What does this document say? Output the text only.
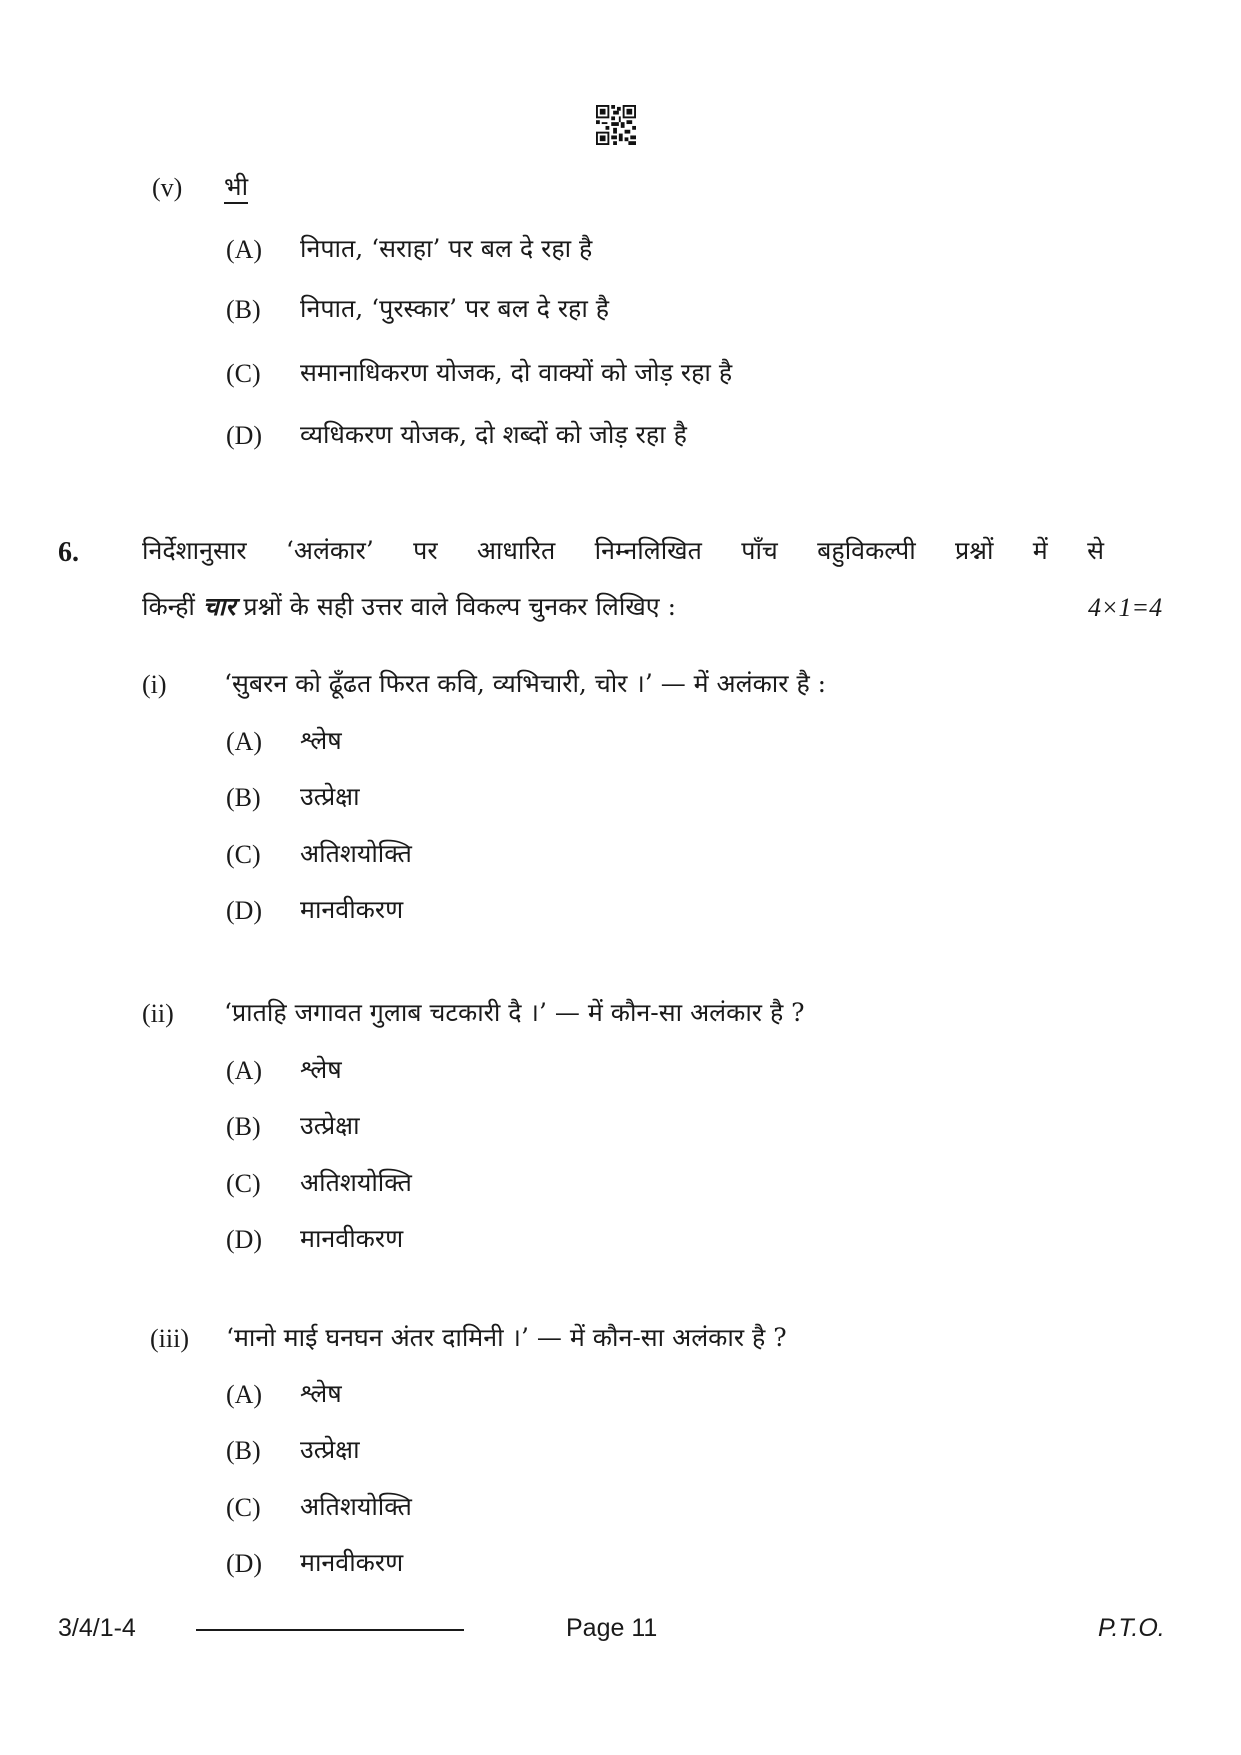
(v) भी
(A) निपात, ‘सराहा’ पर बल दे रहा है
(B) निपात, ‘पुरस्कार’ पर बल दे रहा है
(C) समानाधिकरण योजक, दो वाक्यों को जोड़ रहा है
(D) व्यधिकरण योजक, दो शब्दों को जोड़ रहा है
6.	निर्देशानुसार ‘अलंकार’ पर आधारित निम्नलिखित पाँच बहुविकल्पी प्रश्नों में से
किन्हीं चार प्रश्नों के सही उत्तर वाले विकल्प चुनकर लिखिए :	4×1=4
(i) ‘सुबरन को ढूँढत फिरत कवि, व्यभिचारी, चोर ।’ — में अलंकार है :
(A) श्लेष
(B) उत्प्रेक्षा
(C) अतिशयोक्ति
(D) मानवीकरण
(ii) ‘प्रातहि जगावत गुलाब चटकारी दै ।’ — में कौन-सा अलंकार है ?
(A) श्लेष
(B) उत्प्रेक्षा
(C) अतिशयोक्ति
(D) मानवीकरण
(iii) ‘मानो माई घनघन अंतर दामिनी ।’ — में कौन-सा अलंकार है ?
(A) श्लेष
(B) उत्प्रेक्षा
(C) अतिशयोक्ति
(D) मानवीकरण
3/4/1-4	Page 11	P.T.O.
